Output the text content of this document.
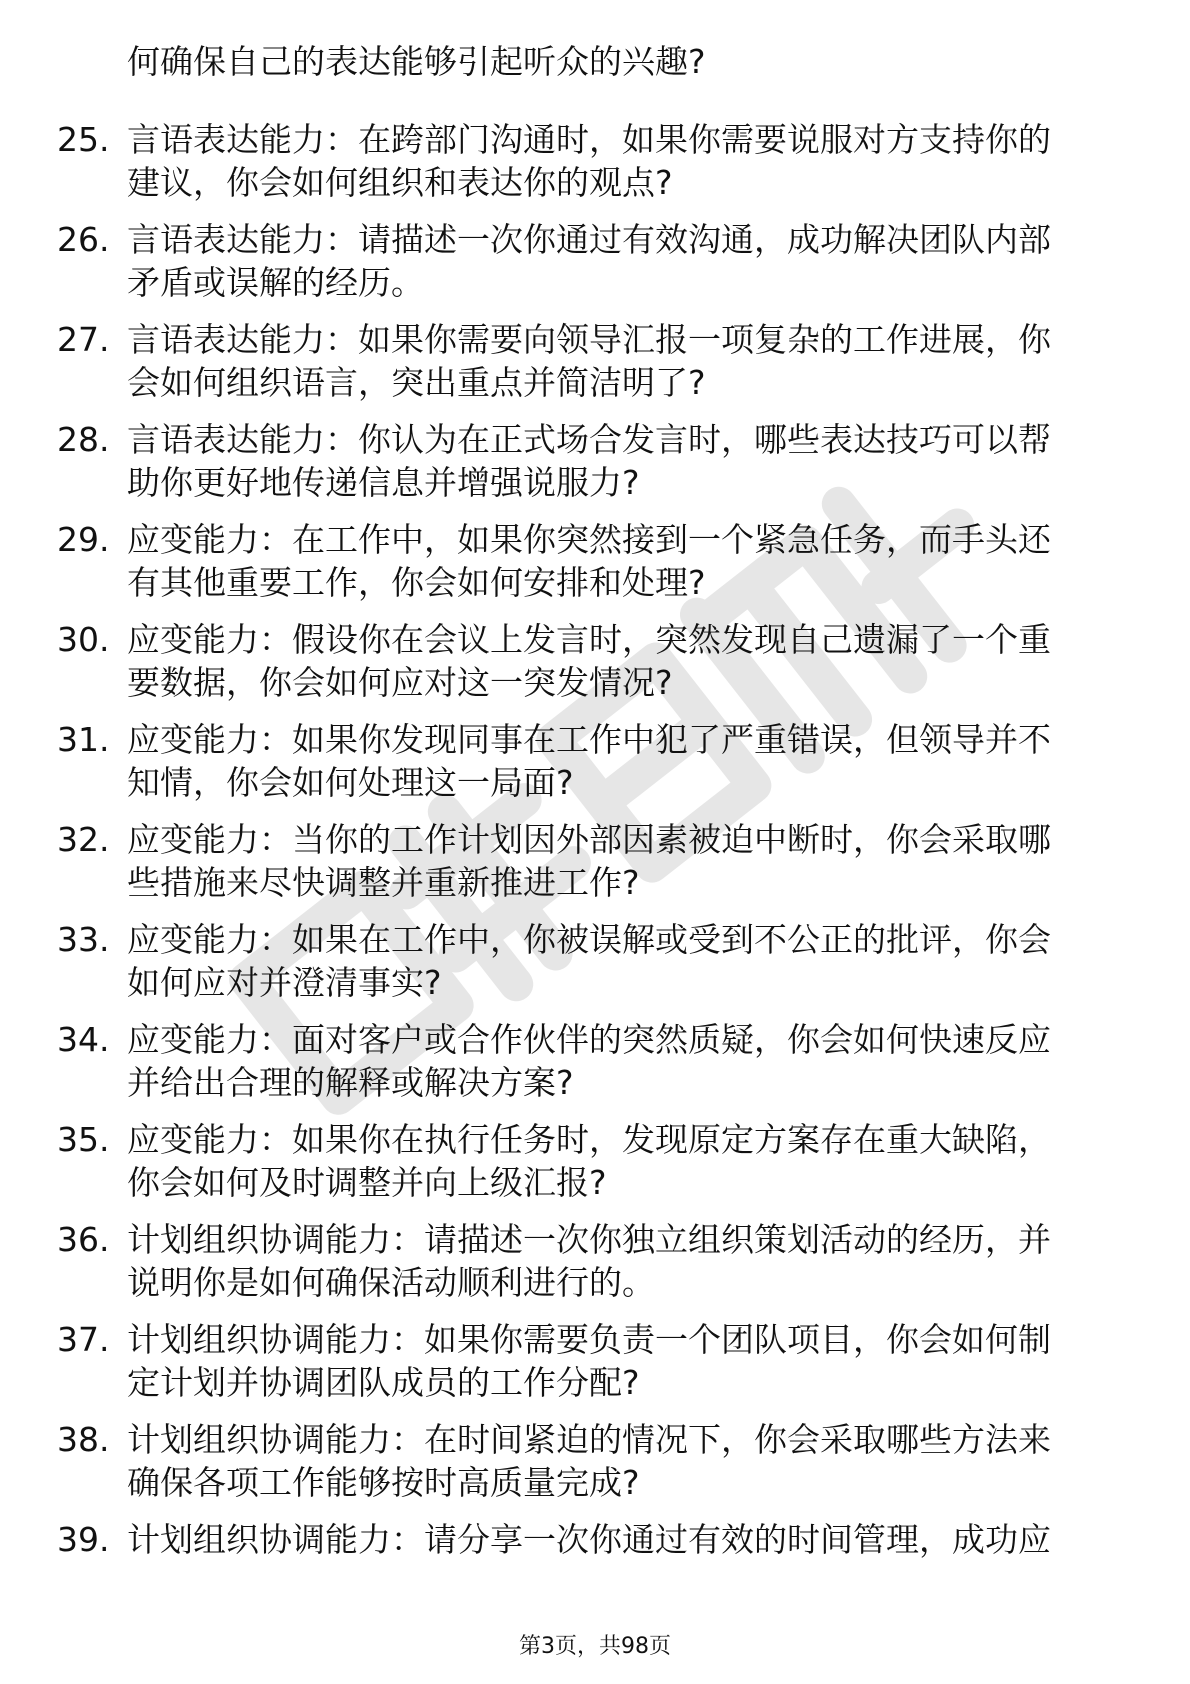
何确保自己的表达能够引起听众的兴趣?
25. 言语表达能力：在跨部门沟通时，如果你需要说服对方支持你的
建议，你会如何组织和表达你的观点?
26. 言语表达能力：请描述一次你通过有效沟通，成功解决团队内部
矛盾或误解的经历。
27. 言语表达能力：如果你需要向领导汇报一项复杂的工作进展，你
会如何组织语言，突出重点并简洁明了?
28. 言语表达能力：你认为在正式场合发言时，哪些表达技巧可以帮
助你更好地传递信息并增强说服力?
29. 应变能力：在工作中，如果你突然接到一个紧急任务，而手头还
有其他重要工作，你会如何安排和处理?
30. 应变能力：假设你在会议上发言时，突然发现自己遗漏了一个重
要数据，你会如何应对这一突发情况?
31. 应变能力：如果你发现同事在工作中犯了严重错误，但领导并不
知情，你会如何处理这一局面?
32. 应变能力：当你的工作计划因外部因素被迫中断时，你会采取哪
些措施来尽快调整并重新推进工作?
33. 应变能力：如果在工作中，你被误解或受到不公正的批评，你会
如何应对并澄清事实?
34. 应变能力：面对客户或合作伙伴的突然质疑，你会如何快速反应
并给出合理的解释或解决方案?
35. 应变能力：如果你在执行任务时，发现原定方案存在重大缺陷，
你会如何及时调整并向上级汇报?
36. 计划组织协调能力：请描述一次你独立组织策划活动的经历，并
说明你是如何确保活动顺利进行的。
37. 计划组织协调能力：如果你需要负责一个团队项目，你会如何制
定计划并协调团队成员的工作分配?
38. 计划组织协调能力：在时间紧迫的情况下，你会采取哪些方法来
确保各项工作能够按时高质量完成?
39. 计划组织协调能力：请分享一次你通过有效的时间管理，成功应
第3页，共98页
